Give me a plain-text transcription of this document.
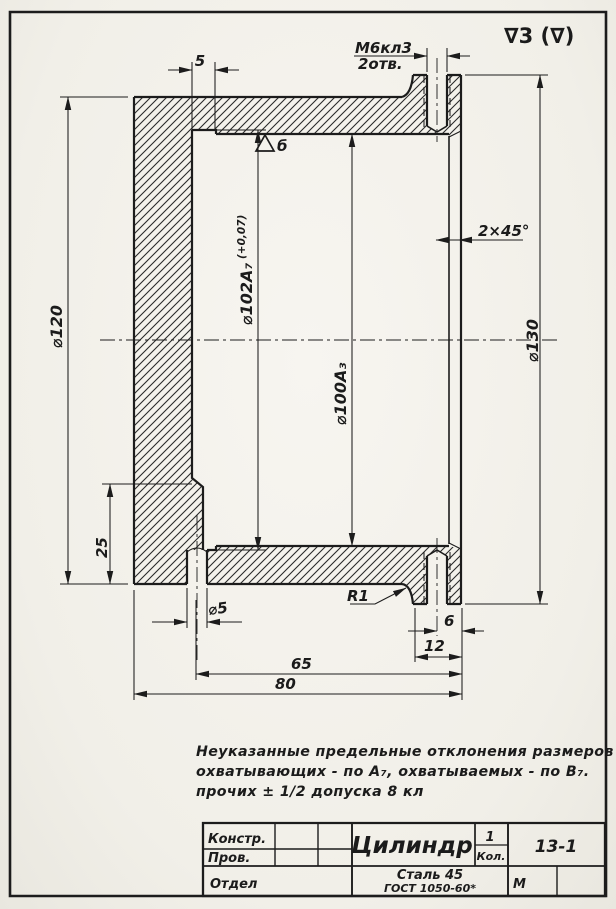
∇3 (∇)
М6кл3
2отв.
5
б
2×45°
⌀120
⌀102А₇
(+0,07)
⌀100А₃
⌀130
25
⌀5
R1
6
12
65
80
Неуказанные предельные отклонения размеров
охватывающих - по А₇, охватываемых - по В₇.
прочих ± 1/2 допуска 8 кл
Констр.
Пров.
Отдел
Цилиндр 1
Кол. 13-1
Сталь 45
ГОСТ 1050-60*	М
